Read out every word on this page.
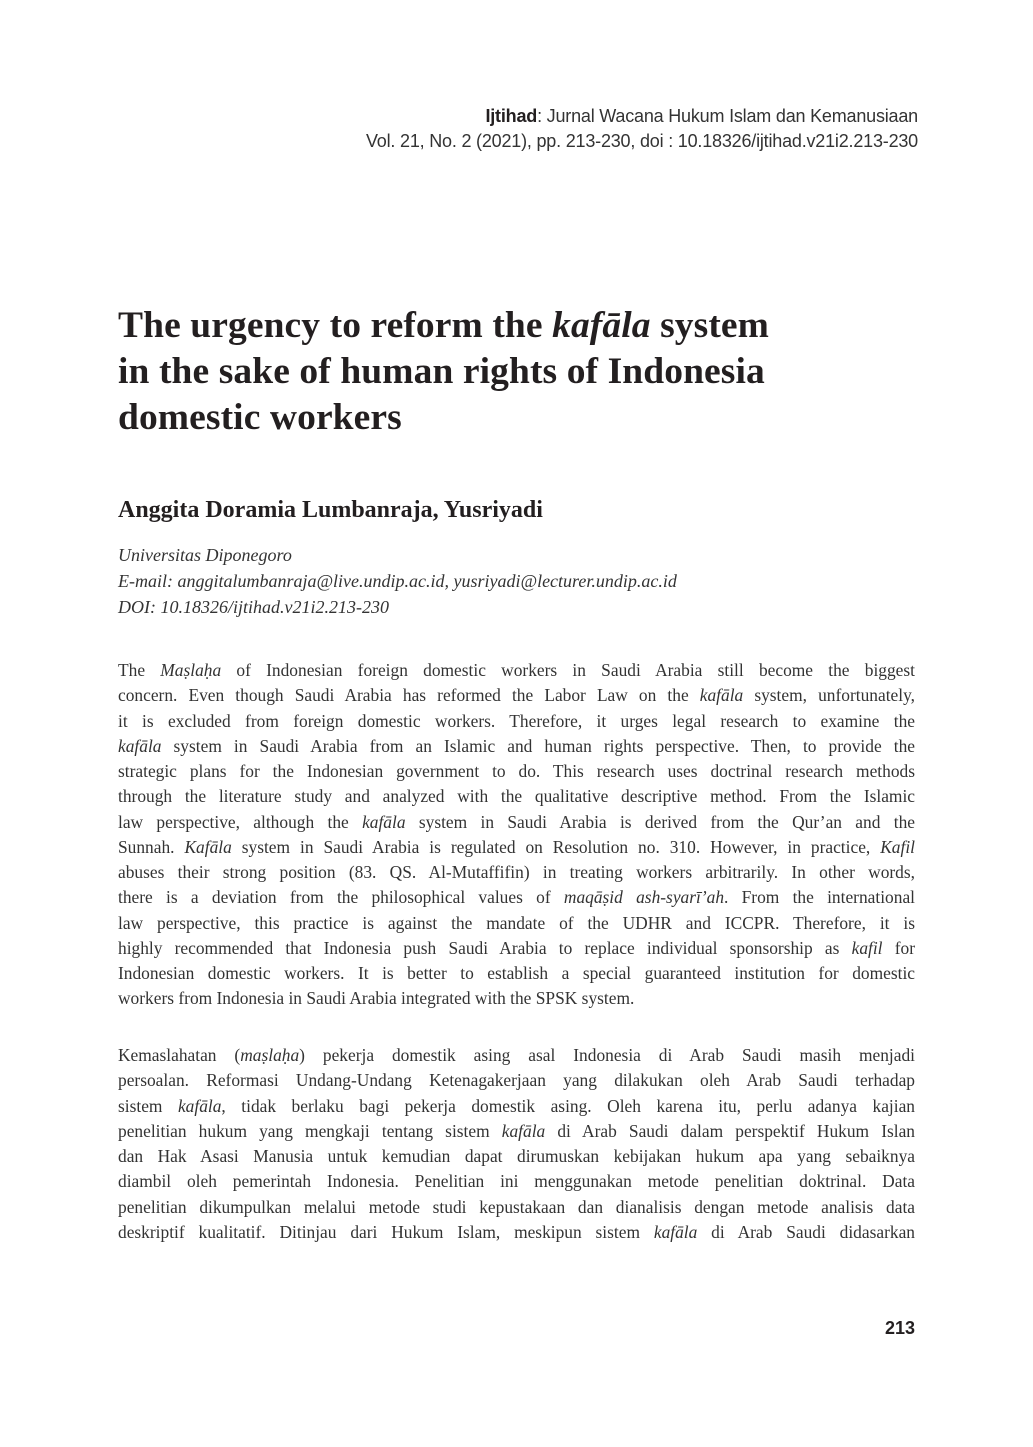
Ijtihad: Jurnal Wacana Hukum Islam dan Kemanusiaan
Vol. 21, No. 2 (2021), pp. 213-230, doi : 10.18326/ijtihad.v21i2.213-230
The urgency to reform the kafāla system
in the sake of human rights of Indonesia
domestic workers
Anggita Doramia Lumbanraja, Yusriyadi
Universitas Diponegoro
E-mail: anggitalumbanraja@live.undip.ac.id, yusriyadi@lecturer.undip.ac.id
DOI: 10.18326/ijtihad.v21i2.213-230
The Maṣlaḥa of Indonesian foreign domestic workers in Saudi Arabia still become the biggest
concern. Even though Saudi Arabia has reformed the Labor Law on the kafāla system, unfortunately,
it is excluded from foreign domestic workers. Therefore, it urges legal research to examine the
kafāla system in Saudi Arabia from an Islamic and human rights perspective. Then, to provide the
strategic plans for the Indonesian government to do. This research uses doctrinal research methods
through the literature study and analyzed with the qualitative descriptive method. From the Islamic
law perspective, although the kafāla system in Saudi Arabia is derived from the Qur’an and the
Sunnah. Kafāla system in Saudi Arabia is regulated on Resolution no. 310. However, in practice, Kafil
abuses their strong position (83. QS. Al-Mutaffifin) in treating workers arbitrarily. In other words,
there is a deviation from the philosophical values of maqāṣid ash-syarī’ah. From the international
law perspective, this practice is against the mandate of the UDHR and ICCPR. Therefore, it is
highly recommended that Indonesia push Saudi Arabia to replace individual sponsorship as kafil for
Indonesian domestic workers. It is better to establish a special guaranteed institution for domestic
workers from Indonesia in Saudi Arabia integrated with the SPSK system.
Kemaslahatan (maṣlaḥa) pekerja domestik asing asal Indonesia di Arab Saudi masih menjadi
persoalan. Reformasi Undang-Undang Ketenagakerjaan yang dilakukan oleh Arab Saudi terhadap
sistem kafāla, tidak berlaku bagi pekerja domestik asing. Oleh karena itu, perlu adanya kajian
penelitian hukum yang mengkaji tentang sistem kafāla di Arab Saudi dalam perspektif Hukum Islan
dan Hak Asasi Manusia untuk kemudian dapat dirumuskan kebijakan hukum apa yang sebaiknya
diambil oleh pemerintah Indonesia. Penelitian ini menggunakan metode penelitian doktrinal. Data
penelitian dikumpulkan melalui metode studi kepustakaan dan dianalisis dengan metode analisis data
deskriptif kualitatif. Ditinjau dari Hukum Islam, meskipun sistem kafāla di Arab Saudi didasarkan
213
